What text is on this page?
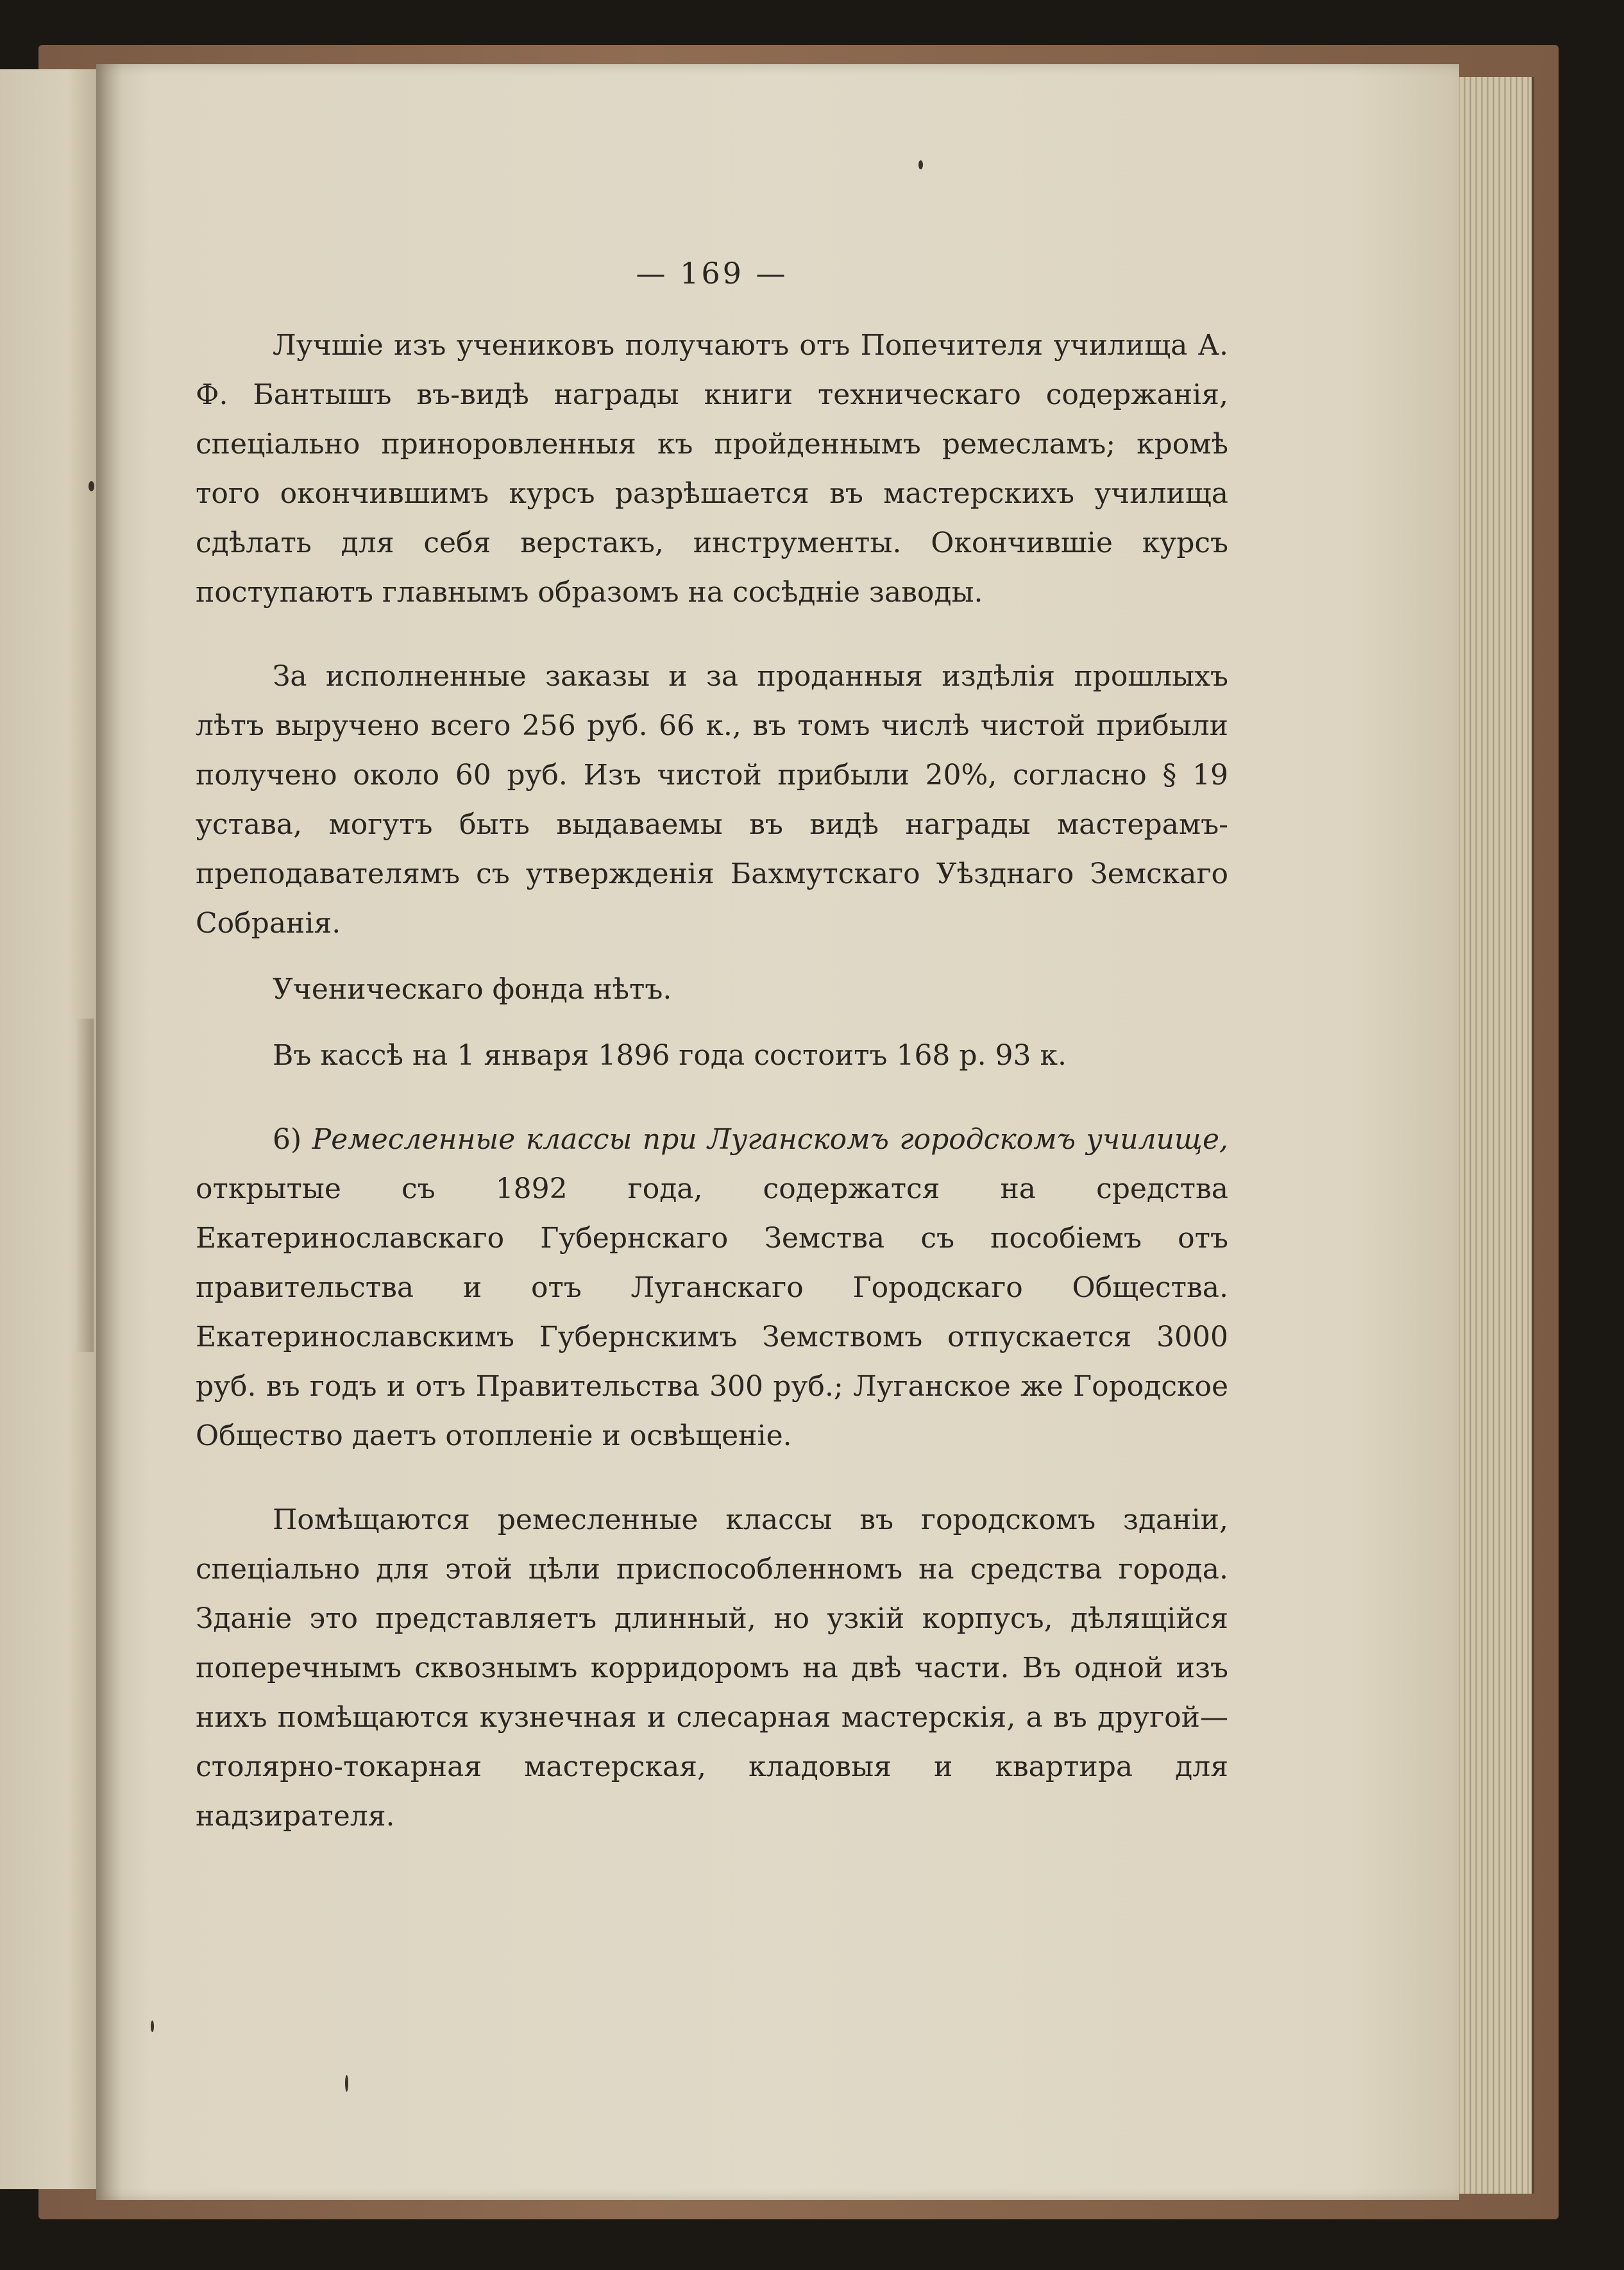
— 169 —

Лучшіе изъ учениковъ получаютъ отъ Попечителя училища А. Ф. Бантышъ въ-видѣ награды книги техническаго содержанія, спеціально приноровленныя къ пройденнымъ ремесламъ; кромѣ того окончившимъ курсъ разрѣшается въ мастерскихъ училища сдѣлать для себя верстакъ, инструменты. Окончившіе курсъ поступаютъ главнымъ образомъ на сосѣдніе заводы.

За исполненные заказы и за проданныя издѣлія прошлыхъ лѣтъ выручено всего 256 руб. 66 к., въ томъ числѣ чистой прибыли получено около 60 руб. Изъ чистой прибыли 20%, согласно § 19 устава, могутъ быть выдаваемы въ видѣ награды мастерамъ-преподавателямъ съ утвержденія Бахмутскаго Уѣзднаго Земскаго Собранія.

Ученическаго фонда нѣтъ.

Въ кассѣ на 1 января 1896 года состоитъ 168 р. 93 к.

6) Ремесленные классы при Луганскомъ городскомъ училище, открытые съ 1892 года, содержатся на средства Екатеринославскаго Губернскаго Земства съ пособіемъ отъ правительства и отъ Луганскаго Городскаго Общества. Екатеринославскимъ Губернскимъ Земствомъ отпускается 3000 руб. въ годъ и отъ Правительства 300 руб.; Луганское же Городское Общество даетъ отопленіе и освѣщеніе.

Помѣщаются ремесленные классы въ городскомъ зданіи, спеціально для этой цѣли приспособленномъ на средства города. Зданіе это представляетъ длинный, но узкій корпусъ, дѣлящійся поперечнымъ сквознымъ корридоромъ на двѣ части. Въ одной изъ нихъ помѣщаются кузнечная и слесарная мастерскія, а въ другой—столярно-токарная мастерская, кладовыя и квартира для надзирателя.
